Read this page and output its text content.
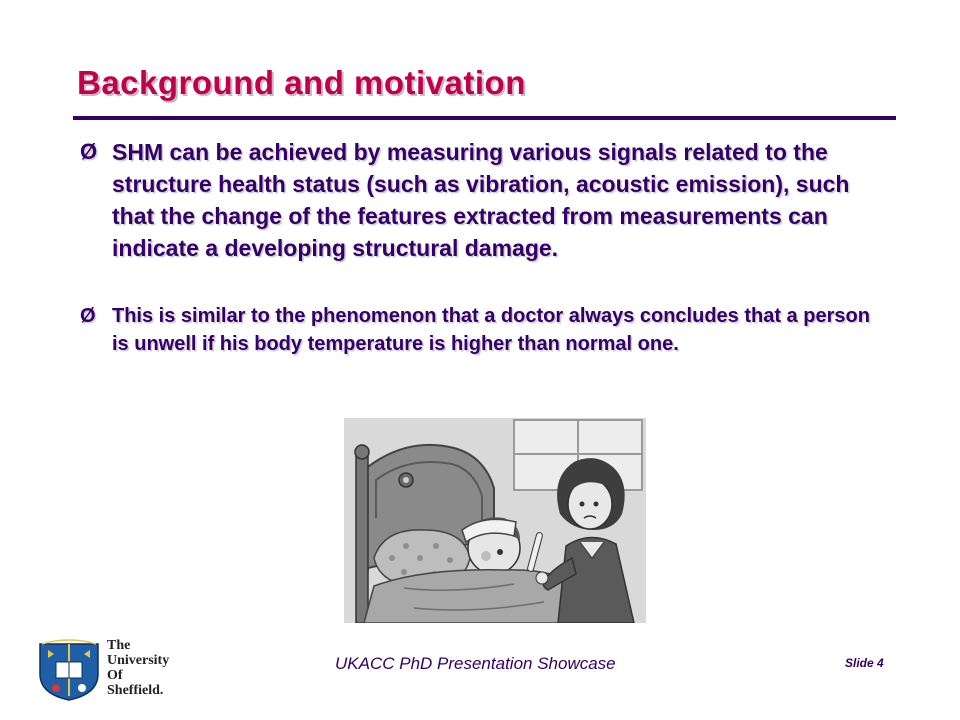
Background and motivation
Ø SHM can be achieved by measuring various signals related to the structure health status (such as vibration, acoustic emission), such that the change of the features extracted from measurements can indicate a developing structural damage.
Ø This is similar to the phenomenon that a doctor always concludes that a person is unwell if his body temperature is higher than normal one.
The
University
Of
Sheffield.
UKACC PhD Presentation Showcase	Slide 4
